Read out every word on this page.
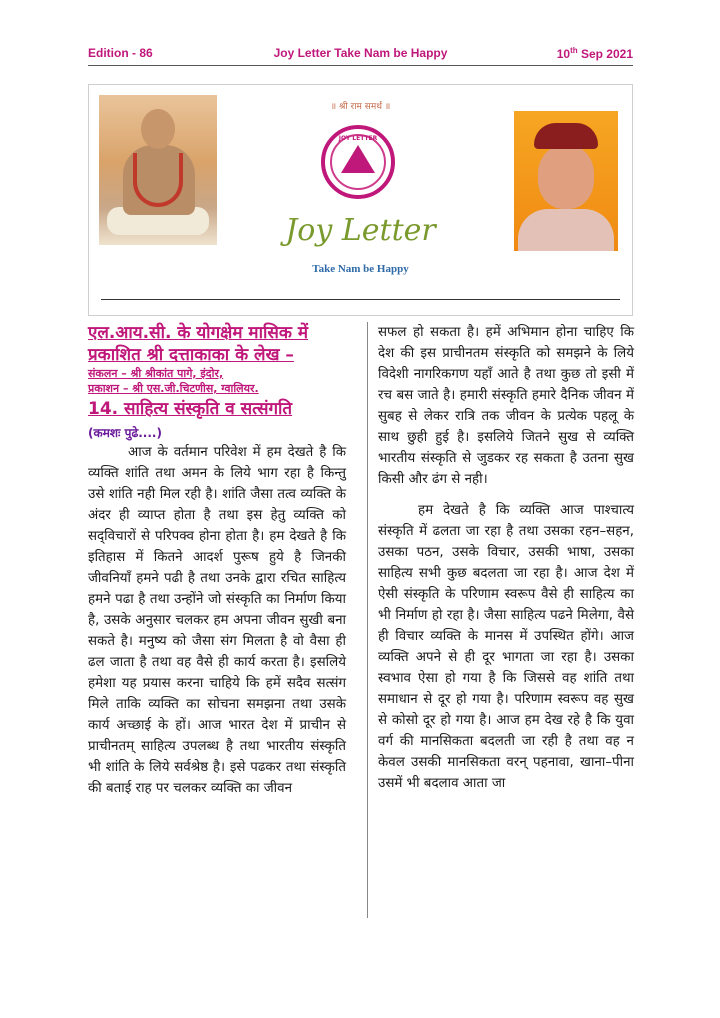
Edition - 86	Joy Letter Take Nam be Happy	10th Sep 2021
॥ श्री राम समर्थ ॥
JOY LETTER
Joy Letter
Take Nam be Happy
एल.आय.सी. के योगक्षेम मासिक में प्रकाशित श्री दत्ताकाका के लेख –
संकलन – श्री श्रीकांत पागे, इंदोर,
प्रकाशन – श्री एस.जी.चिटणीस, ग्वालियर.
14. साहित्य संस्कृति व सत्संगति
(कमशः पुढे....)

आज के वर्तमान परिवेश में हम देखते है कि व्यक्ति शांति तथा अमन के लिये भाग रहा है किन्तु उसे शांति नही मिल रही है। शांति जैसा तत्व व्यक्ति के अंदर ही व्याप्त होता है तथा इस हेतु व्यक्ति को सद्‌विचारों से परिपक्व होना होता है। हम देखते है कि इतिहास में कितने आदर्श पुरूष हुये है जिनकी जीवनियॉं हमने पढी है तथा उनके द्वारा रचित साहित्य हमने पढा है तथा उन्होंने जो संस्कृति का निर्माण किया है, उसके अनुसार चलकर हम अपना जीवन सुखी बना सकते है। मनुष्य को जैसा संग मिलता है वो वैसा ही ढल जाता है तथा वह वैसे ही कार्य करता है। इसलिये हमेशा यह प्रयास करना चाहिये कि हमें सदैव सत्संग मिले ताकि व्यक्ति का सोचना समझना तथा उसके कार्य अच्छाई के हों। आज भारत देश में प्राचीन से प्राचीनतम् साहित्य उपलब्ध है तथा भारतीय संस्कृति भी शांति के लिये सर्वश्रेष्ठ है। इसे पढकर तथा संस्कृति की बताई राह पर चलकर व्यक्ति का जीवन

सफल हो सकता है। हमें अभिमान होना चाहिए कि देश की इस प्राचीनतम संस्कृति को समझने के लिये विदेशी नागरिकगण यहॉं आते है तथा कुछ तो इसी में रच बस जाते है। हमारी संस्कृति हमारे दैनिक जीवन में सुबह से लेकर रात्रि तक जीवन के प्रत्येक पहलू के साथ छुही हुई है। इसलिये जितने सुख से व्यक्ति भारतीय संस्कृति से जुडकर रह सकता है उतना सुख किसी और ढंग से नही।

हम देखते है कि व्यक्ति आज पाश्चात्य संस्कृति में ढलता जा रहा है तथा उसका रहन–सहन, उसका पठन, उसके विचार, उसकी भाषा, उसका साहित्य सभी कुछ बदलता जा रहा है। आज देश में ऐसी संस्कृति के परिणाम स्वरूप वैसे ही साहित्य का भी निर्माण हो रहा है। जैसा साहित्य पढने मिलेगा, वैसे ही विचार व्यक्ति के मानस में उपस्थित होंगे। आज व्यक्ति अपने से ही दूर भागता जा रहा है। उसका स्वभाव ऐसा हो गया है कि जिससे वह शांति तथा समाधान से दूर हो गया है। परिणाम स्वरूप वह सुख से कोसो दूर हो गया है। आज हम देख रहे है कि युवा वर्ग की मानसिकता बदलती जा रही है तथा वह न केवल उसकी मानसिकता वरन् पहनावा, खाना–पीना उसमें भी बदलाव आता जा
